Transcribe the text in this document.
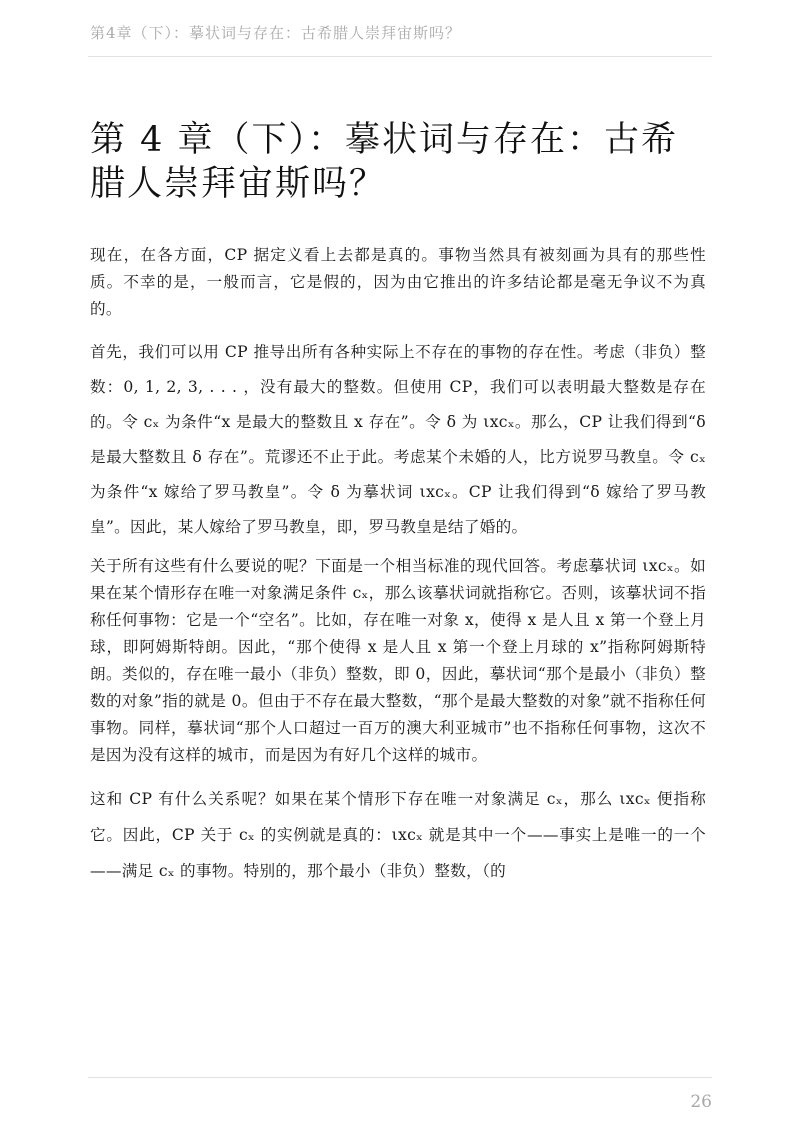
第4章（下）：摹状词与存在：古希腊人崇拜宙斯吗？
第 4 章（下）：摹状词与存在：古希腊人崇拜宙斯吗？

现在，在各方面，CP 据定义看上去都是真的。事物当然具有被刻画为具有的那些性质。不幸的是，一般而言，它是假的，因为由它推出的许多结论都是毫无争议不为真的。

首先，我们可以用 CP 推导出所有各种实际上不存在的事物的存在性。考虑（非负）整数：0, 1, 2, 3, . . . ，没有最大的整数。但使用 CP，我们可以表明最大整数是存在的。令 cₓ 为条件“x 是最大的整数且 x 存在”。令 δ 为 ιxcₓ。那么，CP 让我们得到“δ 是最大整数且 δ 存在”。荒谬还不止于此。考虑某个未婚的人，比方说罗马教皇。令 cₓ 为条件“x 嫁给了罗马教皇”。令 δ 为摹状词 ιxcₓ。CP 让我们得到“δ 嫁给了罗马教皇”。因此，某人嫁给了罗马教皇，即，罗马教皇是结了婚的。

关于所有这些有什么要说的呢？下面是一个相当标准的现代回答。考虑摹状词 ιxcₓ。如果在某个情形存在唯一对象满足条件 cₓ，那么该摹状词就指称它。否则，该摹状词不指称任何事物：它是一个“空名”。比如，存在唯一对象 x，使得 x 是人且 x 第一个登上月球，即阿姆斯特朗。因此，“那个使得 x 是人且 x 第一个登上月球的 x”指称阿姆斯特朗。类似的，存在唯一最小（非负）整数，即 0，因此，摹状词“那个是最小（非负）整数的对象”指的就是 0。但由于不存在最大整数，“那个是最大整数的对象”就不指称任何事物。同样，摹状词“那个人口超过一百万的澳大利亚城市”也不指称任何事物，这次不是因为没有这样的城市，而是因为有好几个这样的城市。

这和 CP 有什么关系呢？如果在某个情形下存在唯一对象满足 cₓ，那么 ιxcₓ 便指称它。因此，CP 关于 cₓ 的实例就是真的：ιxcₓ 就是其中一个——事实上是唯一的一个——满足 cₓ 的事物。特别的，那个最小（非负）整数，（的

26
